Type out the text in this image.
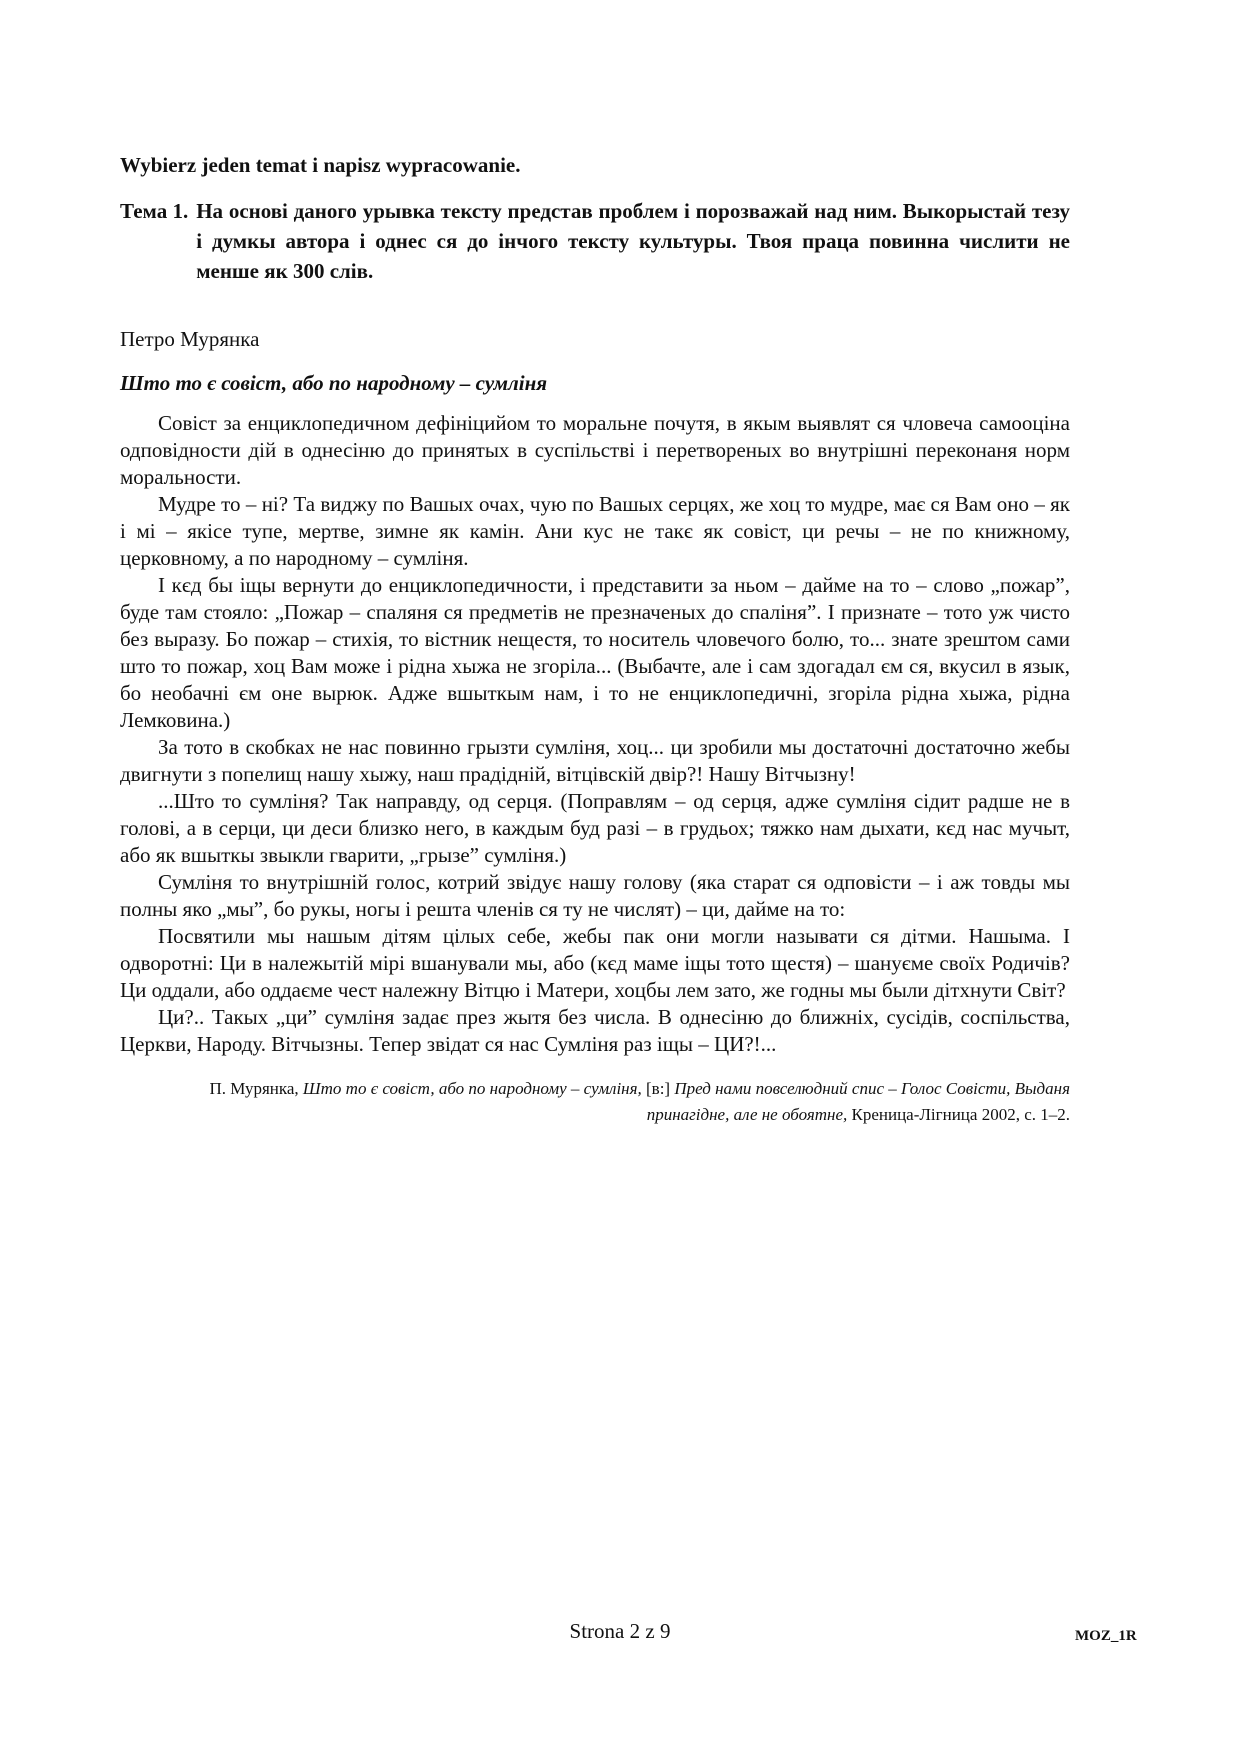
Wybierz jeden temat i napisz wypracowanie.

Тема 1. На основі даного урывка тексту представ проблем і порозважай над ним. Выкорыстай тезу і думкы автора і однес ся до інчого тексту культуры. Твоя праца повинна числити не менше як 300 слів.

Петро Мурянка

Што то є совіст, або по народному – сумліня

Совіст за енциклопедичном дефініцийом то моральне почутя, в якым выявлят ся чловеча самооціна одповідности дій в однесіню до принятых в суспільстві і перетвореных во внутрішні переконаня норм моральности.

Мудре то – ні? Та виджу по Вашых очах, чую по Вашых серцях, же хоц то мудре, має ся Вам оно – як і мі – якісе тупе, мертве, зимне як камін. Ани кус не такє як совіст, ци речы – не по книжному, церковному, а по народному – сумліня.

І кєд бы іщы вернути до енциклопедичности, і представити за ньом – дайме на то – слово „пожар”, буде там стояло: „Пожар – спаляня ся предметів не презначеных до спаліня”. І признате – тото уж чисто без выразу. Бо пожар – стихія, то вістник нещестя, то носитель чловечого болю, то... знате зрештом сами што то пожар, хоц Вам може і рідна хыжа не згоріла... (Выбачте, але і сам здогадал єм ся, вкусил в язык, бо необачні єм оне вырюк. Адже вшыткым нам, і то не енциклопедичні, згоріла рідна хыжа, рідна Лемковина.)

За тото в скобках не нас повинно грызти сумліня, хоц... ци зробили мы достаточні достаточно жебы двигнути з попелищ нашу хыжу, наш прадідній, вітцівскій двір?! Нашу Вітчызну!

...Што то сумліня? Так направду, од серця. (Поправлям – од серця, адже сумліня сідит радше не в голові, а в серци, ци деси близко него, в каждым буд разі – в грудьох; тяжко нам дыхати, кєд нас мучыт, або як вшыткы звыкли гварити, „грызе” сумліня.)

Сумліня то внутрішній голос, котрий звідує нашу голову (яка старат ся одповісти – і аж товды мы полны яко „мы”, бо рукы, ногы і решта членів ся ту не числят) – ци, дайме на то:

Посвятили мы нашым дітям цілых себе, жебы пак они могли называти ся дітми. Нашыма. І одворотні: Ци в належытій мірі вшанували мы, або (кєд маме іщы тото щестя) – шануєме своїх Родичів? Ци оддали, або оддаєме чест належну Вітцю і Матери, хоцбы лем зато, же годны мы были дітхнути Світ?

Ци?.. Такых „ци” сумліня задає през жытя без числа. В однесіню до ближніх, сусідів, соспільства, Церкви, Народу. Вітчызны. Тепер звідат ся нас Сумліня раз іщы – ЦИ?!...

П. Мурянка, Што то є совіст, або по народному – сумліня, [в:] Пред нами повселюдний спис – Голос Совісти, Выданя принагідне, але не обоятне, Креница-Лігница 2002, с. 1–2.

Strona 2 z 9	MOZ_1R
